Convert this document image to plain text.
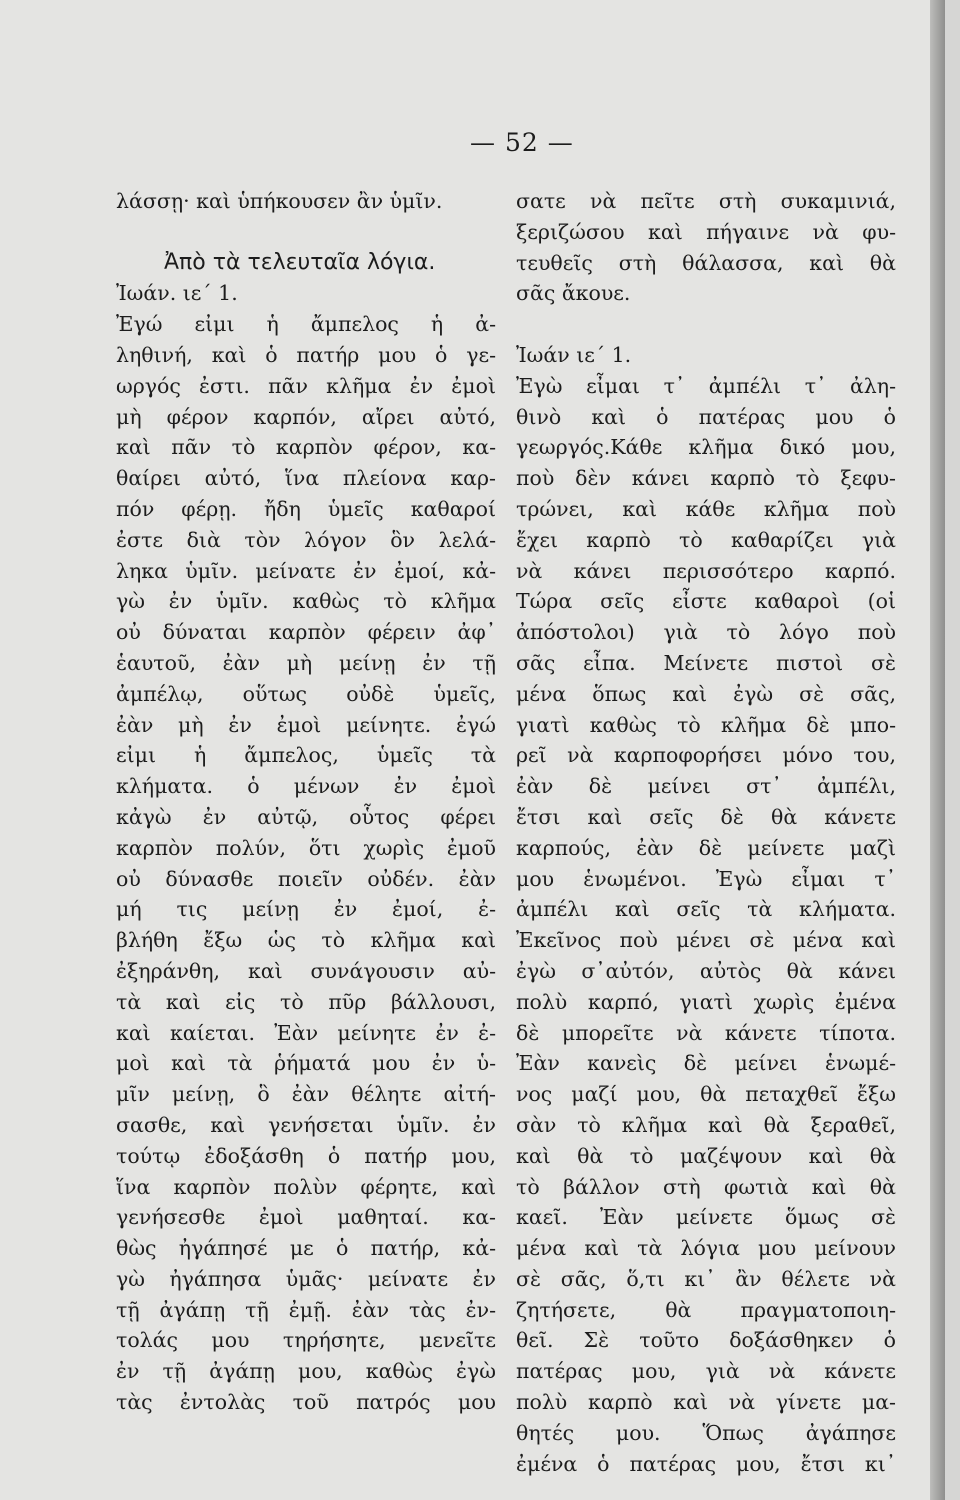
— 52 —
λάσσῃ· καὶ ὑπήκουσεν ἂν ὑμῖν.
Ἀπὸ τὰ τελευταῖα λόγια.
Ἰωάν. ιε΄ 1.
Ἐγώ εἰμι ἡ ἄμπελος ἡ ἀ-
ληθινή, καὶ ὁ πατήρ μου ὁ γε-
ωργός ἐστι. πᾶν κλῆμα ἐν ἐμοὶ
μὴ φέρον καρπόν, αἴρει αὐτό,
καὶ πᾶν τὸ καρπὸν φέρον, κα-
θαίρει αὐτό, ἵνα πλείονα καρ-
πόν φέρῃ. ἤδη ὑμεῖς καθαροί
ἐστε διὰ τὸν λόγον ὃν λελά-
ληκα ὑμῖν. μείνατε ἐν ἐμοί, κἀ-
γὼ ἐν ὑμῖν. καθὼς τὸ κλῆμα
οὐ δύναται καρπὸν φέρειν ἀφ᾽
ἑαυτοῦ, ἐὰν μὴ μείνῃ ἐν τῇ
ἀμπέλῳ, οὕτως οὐδὲ ὑμεῖς,
ἐὰν μὴ ἐν ἐμοὶ μείνητε. ἐγώ
εἰμι ἡ ἄμπελος, ὑμεῖς τὰ
κλήματα. ὁ μένων ἐν ἐμοὶ
κἀγὼ ἐν αὐτῷ, οὗτος φέρει
καρπὸν πολύν, ὅτι χωρὶς ἐμοῦ
οὐ δύνασθε ποιεῖν οὐδέν. ἐὰν
μή τις μείνῃ ἐν ἐμοί, ἐ-
βλήθη ἔξω ὡς τὸ κλῆμα καὶ
ἐξηράνθη, καὶ συνάγουσιν αὐ-
τὰ καὶ εἰς τὸ πῦρ βάλλουσι,
καὶ καίεται. Ἐὰν μείνητε ἐν ἐ-
μοὶ καὶ τὰ ῥήματά μου ἐν ὑ-
μῖν μείνῃ, ὃ ἐὰν θέλητε αἰτή-
σασθε, καὶ γενήσεται ὑμῖν. ἐν
τούτῳ ἐδοξάσθη ὁ πατήρ μου,
ἵνα καρπὸν πολὺν φέρητε, καὶ
γενήσεσθε ἐμοὶ μαθηταί. κα-
θὼς ἠγάπησέ με ὁ πατήρ, κἀ-
γὼ ἠγάπησα ὑμᾶς· μείνατε ἐν
τῇ ἀγάπῃ τῇ ἐμῇ. ἐὰν τὰς ἐν-
τολάς μου τηρήσητε, μενεῖτε
ἐν τῇ ἀγάπῃ μου, καθὼς ἐγὼ
τὰς ἐντολὰς τοῦ πατρός μου
σατε νὰ πεῖτε στὴ συκαμινιά,
ξεριζώσου καὶ πήγαινε νὰ φυ-
τευθεῖς στὴ θάλασσα, καὶ θὰ
σᾶς ἄκουε.
Ἰωάν ιε΄ 1.
Ἐγὼ εἶμαι τ᾽ ἀμπέλι τ᾽ ἀλη-
θινὸ καὶ ὁ πατέρας μου ὁ
γεωργός.Κάθε κλῆμα δικό μου,
ποὺ δὲν κάνει καρπὸ τὸ ξεφυ-
τρώνει, καὶ κάθε κλῆμα ποὺ
ἔχει καρπὸ τὸ καθαρίζει γιὰ
νὰ κάνει περισσότερο καρπό.
Τώρα σεῖς εἶστε καθαροὶ (οἱ
ἀπόστολοι) γιὰ τὸ λόγο ποὺ
σᾶς εἶπα. Μείνετε πιστοὶ σὲ
μένα ὅπως καὶ ἐγὼ σὲ σᾶς,
γιατὶ καθὼς τὸ κλῆμα δὲ μπο-
ρεῖ νὰ καρποφορήσει μόνο του,
ἐὰν δὲ μείνει στ᾽ ἀμπέλι,
ἔτσι καὶ σεῖς δὲ θὰ κάνετε
καρπούς, ἐὰν δὲ μείνετε μαζὶ
μου ἑνωμένοι. Ἐγὼ εἶμαι τ᾽
ἀμπέλι καὶ σεῖς τὰ κλήματα.
Ἐκεῖνος ποὺ μένει σὲ μένα καὶ
ἐγὼ σ᾽αὐτόν, αὐτὸς θὰ κάνει
πολὺ καρπό, γιατὶ χωρὶς ἐμένα
δὲ μπορεῖτε νὰ κάνετε τίποτα.
Ἐὰν κανεὶς δὲ μείνει ἑνωμέ-
νος μαζί μου, θὰ πεταχθεῖ ἔξω
σὰν τὸ κλῆμα καὶ θὰ ξεραθεῖ,
καὶ θὰ τὸ μαζέψουν καὶ θὰ
τὸ βάλλον στὴ φωτιὰ καὶ θὰ
καεῖ. Ἐὰν μείνετε ὅμως σὲ
μένα καὶ τὰ λόγια μου μείνουν
σὲ σᾶς, ὅ,τι κι᾽ ἂν θέλετε νὰ
ζητήσετε, θὰ πραγματοποιη-
θεῖ. Σὲ τοῦτο δοξάσθηκεν ὁ
πατέρας μου, γιὰ νὰ κάνετε
πολὺ καρπὸ καὶ νὰ γίνετε μα-
θητές μου. Ὅπως ἀγάπησε
ἐμένα ὁ πατέρας μου, ἔτσι κι᾽
